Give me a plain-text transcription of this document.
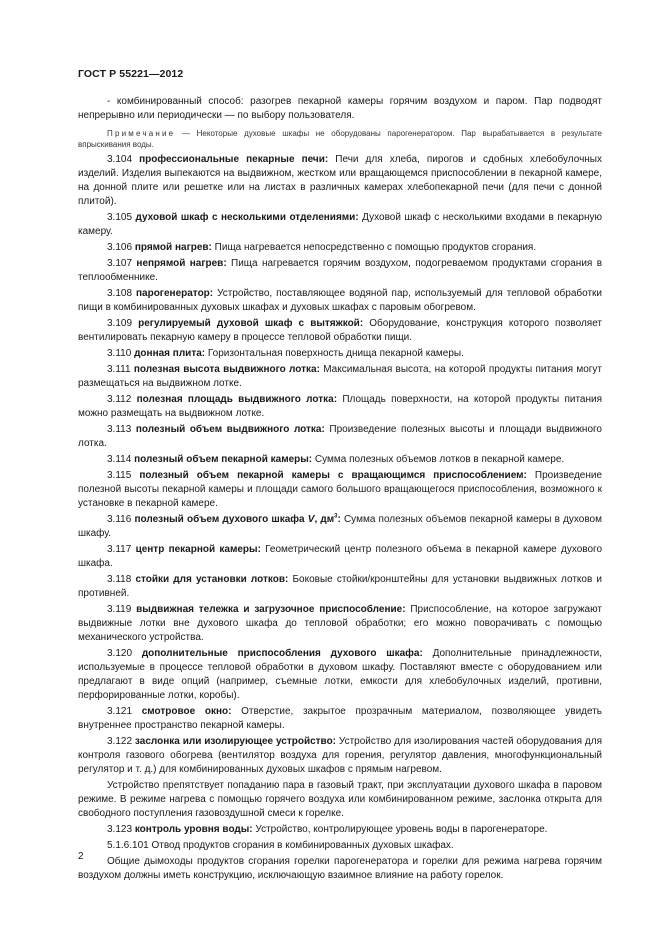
ГОСТ Р 55221—2012

- комбинированный способ: разогрев пекарной камеры горячим воздухом и паром. Пар подводят непрерывно или периодически — по выбору пользователя.

Примечание — Некоторые духовые шкафы не оборудованы парогенератором. Пар вырабатывается в результате впрыскивания воды.

3.104 профессиональные пекарные печи: Печи для хлеба, пирогов и сдобных хлебобулочных изделий. Изделия выпекаются на выдвижном, жестком или вращающемся приспособлении в пекарной камере, на донной плите или решетке или на листах в различных камерах хлебопекарной печи (для печи с донной плитой).

3.105 духовой шкаф с несколькими отделениями: Духовой шкаф с несколькими входами в пекарную камеру.

3.106 прямой нагрев: Пища нагревается непосредственно с помощью продуктов сгорания.

3.107 непрямой нагрев: Пища нагревается горячим воздухом, подогреваемом продуктами сгорания в теплообменнике.

3.108 парогенератор: Устройство, поставляющее водяной пар, используемый для тепловой обработки пищи в комбинированных духовых шкафах и духовых шкафах с паровым обогревом.

3.109 регулируемый духовой шкаф с вытяжкой: Оборудование, конструкция которого позволяет вентилировать пекарную камеру в процессе тепловой обработки пищи.

3.110 донная плита: Горизонтальная поверхность днища пекарной камеры.

3.111 полезная высота выдвижного лотка: Максимальная высота, на которой продукты питания могут размещаться на выдвижном лотке.

3.112 полезная площадь выдвижного лотка: Площадь поверхности, на которой продукты питания можно размещать на выдвижном лотке.

3.113 полезный объем выдвижного лотка: Произведение полезных высоты и площади выдвижного лотка.

3.114 полезный объем пекарной камеры: Сумма полезных объемов лотков в пекарной камере.

3.115 полезный объем пекарной камеры с вращающимся приспособлением: Произведение полезной высоты пекарной камеры и площади самого большого вращающегося приспособления, возможного к установке в пекарной камере.

3.116 полезный объем духового шкафа V, $дм^3$: Сумма полезных объемов пекарной камеры в духовом шкафу.

3.117 центр пекарной камеры: Геометрический центр полезного объема в пекарной камере духового шкафа.

3.118 стойки для установки лотков: Боковые стойки/кронштейны для установки выдвижных лотков и противней.

3.119 выдвижная тележка и загрузочное приспособление: Приспособление, на которое загружают выдвижные лотки вне духового шкафа до тепловой обработки; его можно поворачивать с помощью механического устройства.

3.120 дополнительные приспособления духового шкафа: Дополнительные принадлежности, используемые в процессе тепловой обработки в духовом шкафу. Поставляют вместе с оборудованием или предлагают в виде опций (например, съемные лотки, емкости для хлебобулочных изделий, противни, перфорированные лотки, коробы).

3.121 смотровое окно: Отверстие, закрытое прозрачным материалом, позволяющее увидеть внутреннее пространство пекарной камеры.

3.122 заслонка или изолирующее устройство: Устройство для изолирования частей оборудования для контроля газового обогрева (вентилятор воздуха для горения, регулятор давления, многофункциональный регулятор и т. д.) для комбинированных духовых шкафов с прямым нагревом.

Устройство препятствует попаданию пара в газовый тракт, при эксплуатации духового шкафа в паровом режиме. В режиме нагрева с помощью горячего воздуха или комбинированном режиме, заслонка открыта для свободного поступления газовоздушной смеси к горелке.

3.123 контроль уровня воды: Устройство, контролирующее уровень воды в парогенераторе.

5.1.6.101 Отвод продуктов сгорания в комбинированных духовых шкафах.

Общие дымоходы продуктов сгорания горелки парогенератора и горелки для режима нагрева горячим воздухом должны иметь конструкцию, исключающую взаимное влияние на работу горелок.

2
